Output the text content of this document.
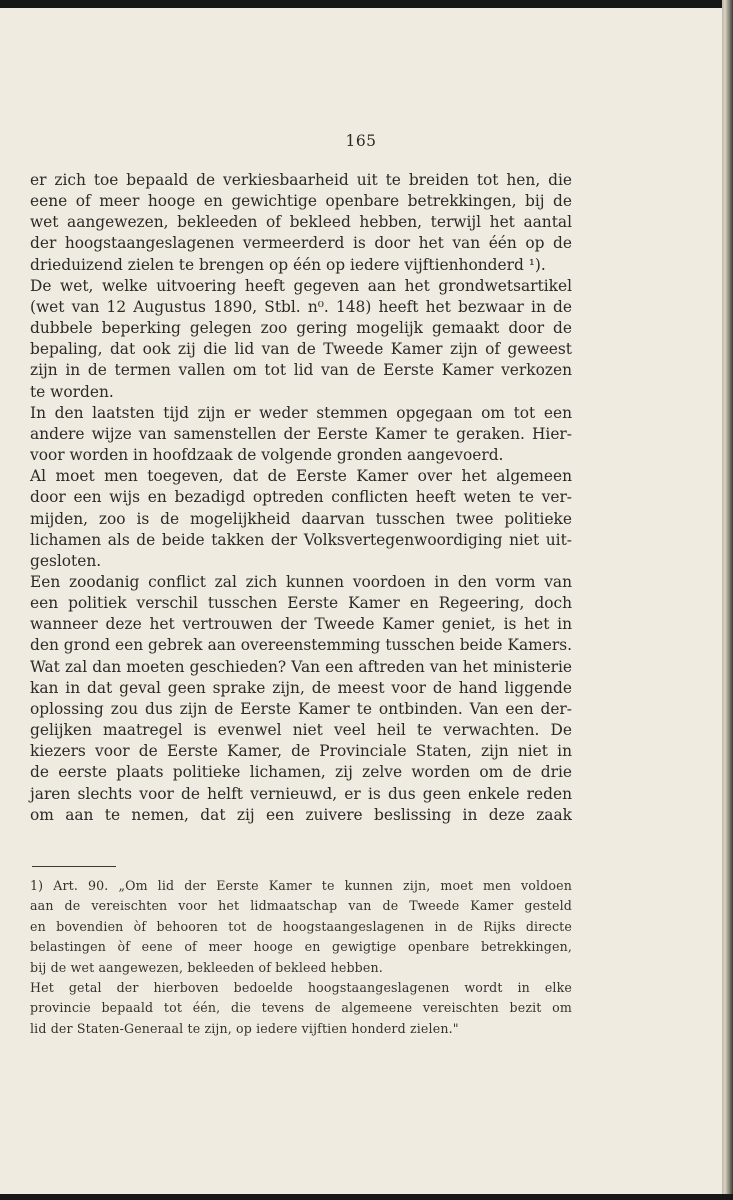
165
er zich toe bepaald de verkiesbaarheid uit te breiden tot hen, die
eene of meer hooge en gewichtige openbare betrekkingen, bij de
wet aangewezen, bekleeden of bekleed hebben, terwijl het aantal
der hoogstaangeslagenen vermeerderd is door het van één op de
drieduizend zielen te brengen op één op iedere vijftienhonderd ¹).
De wet, welke uitvoering heeft gegeven aan het grondwetsartikel
(wet van 12 Augustus 1890, Stbl. n⁰. 148) heeft het bezwaar in de
dubbele beperking gelegen zoo gering mogelijk gemaakt door de
bepaling, dat ook zij die lid van de Tweede Kamer zijn of geweest
zijn in de termen vallen om tot lid van de Eerste Kamer verkozen
te worden.
In den laatsten tijd zijn er weder stemmen opgegaan om tot een
andere wijze van samenstellen der Eerste Kamer te geraken. Hier-
voor worden in hoofdzaak de volgende gronden aangevoerd.
Al moet men toegeven, dat de Eerste Kamer over het algemeen
door een wijs en bezadigd optreden conflicten heeft weten te ver-
mijden, zoo is de mogelijkheid daarvan tusschen twee politieke
lichamen als de beide takken der Volksvertegenwoordiging niet uit-
gesloten.
Een zoodanig conflict zal zich kunnen voordoen in den vorm van
een politiek verschil tusschen Eerste Kamer en Regeering, doch
wanneer deze het vertrouwen der Tweede Kamer geniet, is het in
den grond een gebrek aan overeenstemming tusschen beide Kamers.
Wat zal dan moeten geschieden? Van een aftreden van het ministerie
kan in dat geval geen sprake zijn, de meest voor de hand liggende
oplossing zou dus zijn de Eerste Kamer te ontbinden. Van een der-
gelijken maatregel is evenwel niet veel heil te verwachten. De
kiezers voor de Eerste Kamer, de Provinciale Staten, zijn niet in
de eerste plaats politieke lichamen, zij zelve worden om de drie
jaren slechts voor de helft vernieuwd, er is dus geen enkele reden
om aan te nemen, dat zij een zuivere beslissing in deze zaak
1) Art. 90. „Om lid der Eerste Kamer te kunnen zijn, moet men voldoen
aan de vereischten voor het lidmaatschap van de Tweede Kamer gesteld
en bovendien òf behooren tot de hoogstaangeslagenen in de Rijks directe
belastingen òf eene of meer hooge en gewigtige openbare betrekkingen,
bij de wet aangewezen, bekleeden of bekleed hebben.
Het getal der hierboven bedoelde hoogstaangeslagenen wordt in elke
provincie bepaald tot één, die tevens de algemeene vereischten bezit om
lid der Staten-Generaal te zijn, op iedere vijftien honderd zielen."
